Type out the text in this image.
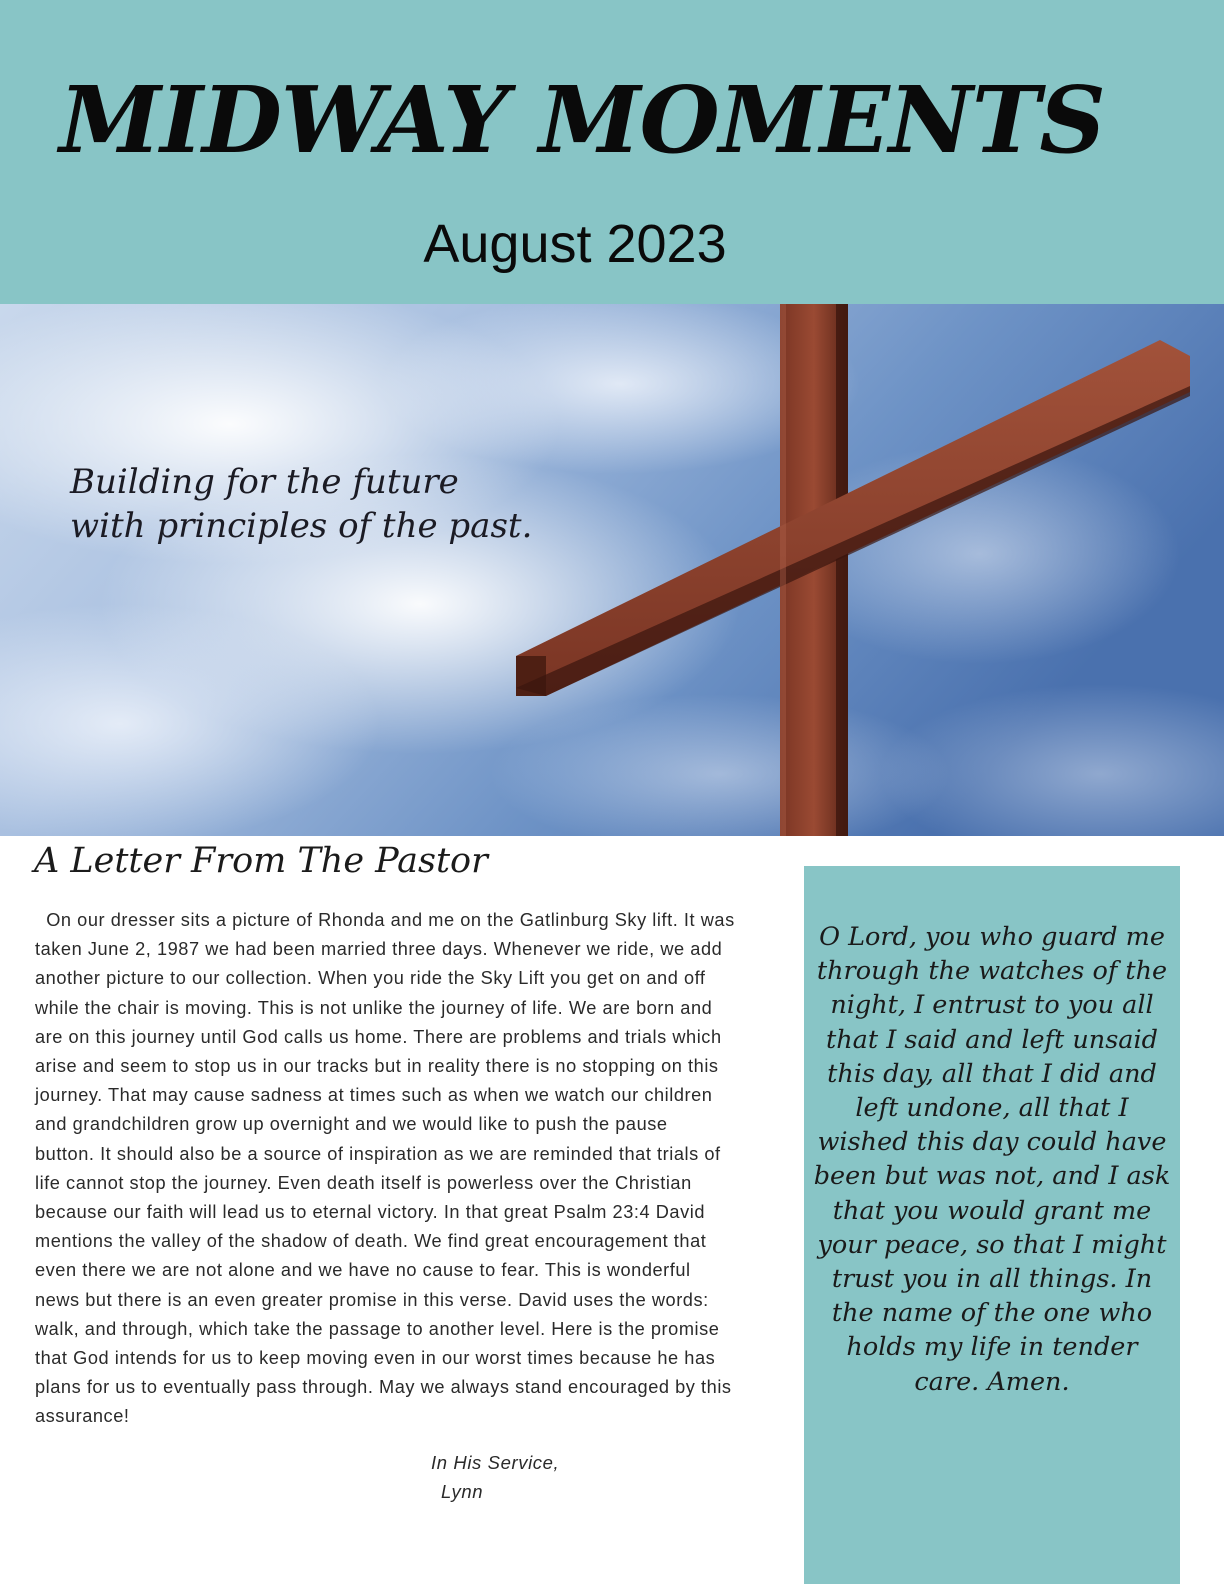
MIDWAY MOMENTS
August 2023
Building for the future
with principles of the past.
A Letter From The Pastor
On our dresser sits a picture of Rhonda and me on the Gatlinburg Sky lift. It was
taken June 2, 1987 we had been married three days. Whenever we ride, we add
another picture to our collection. When you ride the Sky Lift you get on and off
while the chair is moving. This is not unlike the journey of life. We are born and
are on this journey until God calls us home. There are problems and trials which
arise and seem to stop us in our tracks but in reality there is no stopping on this
journey. That may cause sadness at times such as when we watch our children
and grandchildren grow up overnight and we would like to push the pause
button. It should also be a source of inspiration as we are reminded that trials of
life cannot stop the journey. Even death itself is powerless over the Christian
because our faith will lead us to eternal victory. In that great Psalm 23:4 David
mentions the valley of the shadow of death. We find great encouragement that
even there we are not alone and we have no cause to fear. This is wonderful
news but there is an even greater promise in this verse. David uses the words:
walk, and through, which take the passage to another level. Here is the promise
that God intends for us to keep moving even in our worst times because he has
plans for us to eventually pass through. May we always stand encouraged by this
assurance!
In His Service,
Lynn
O Lord, you who guard me
through the watches of the
night, I entrust to you all
that I said and left unsaid
this day, all that I did and
left undone, all that I
wished this day could have
been but was not, and I ask
that you would grant me
your peace, so that I might
trust you in all things. In
the name of the one who
holds my life in tender
care. Amen.
